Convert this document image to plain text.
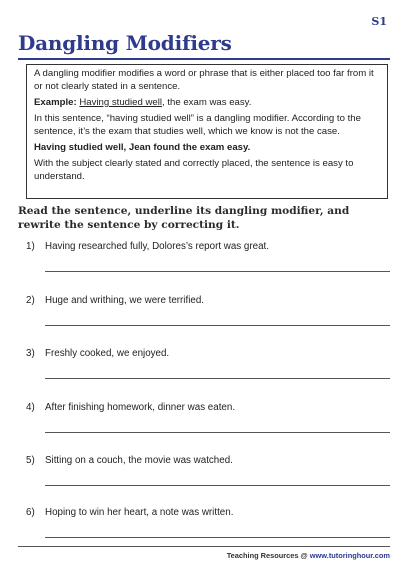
S1
Dangling Modifiers

A dangling modifier modifies a word or phrase that is either placed too far from it or not clearly stated in a sentence.

Example: Having studied well, the exam was easy.

In this sentence, “having studied well” is a dangling modifier. According to the sentence, it’s the exam that studies well, which we know is not the case.

Having studied well, Jean found the exam easy.

With the subject clearly stated and correctly placed, the sentence is easy to understand.

Read the sentence, underline its dangling modifier, and rewrite the sentence by correcting it.
1) Having researched fully, Dolores’s report was great.
2) Huge and writhing, we were terrified.
3) Freshly cooked, we enjoyed.
4) After finishing homework, dinner was eaten.
5) Sitting on a couch, the movie was watched.
6) Hoping to win her heart, a note was written.
Teaching Resources @ www.tutoringhour.com
